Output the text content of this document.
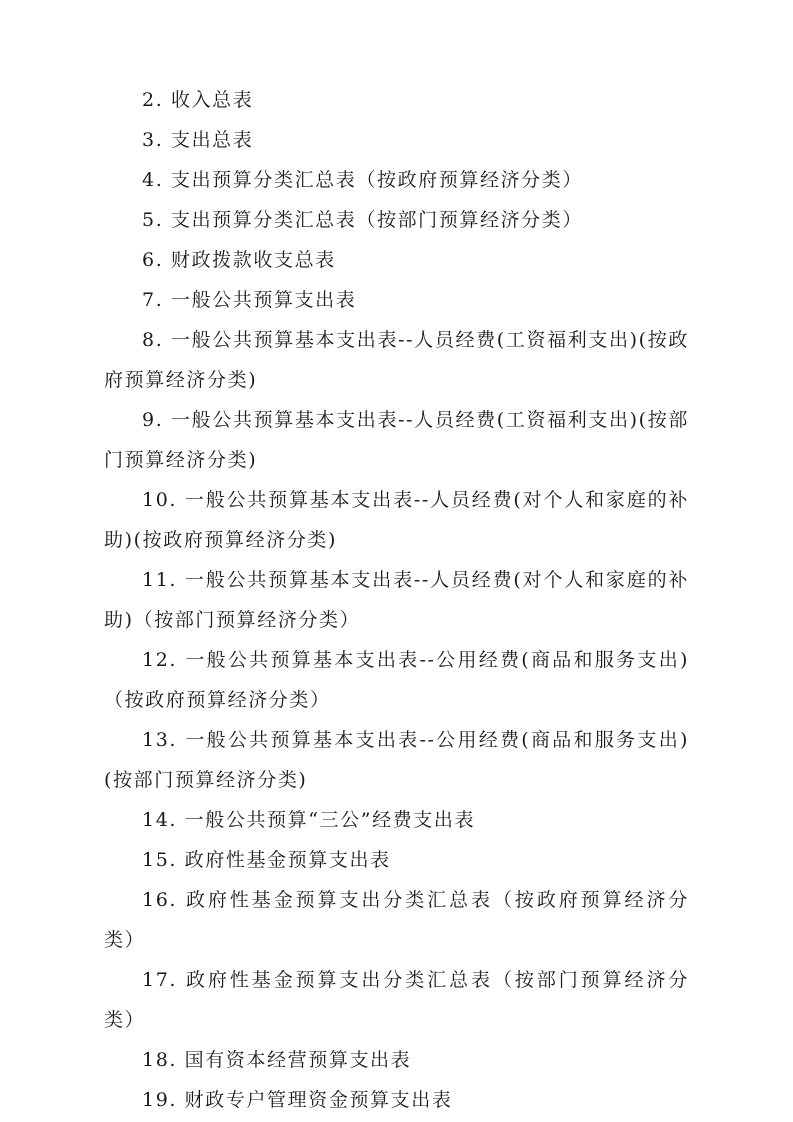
2. 收入总表
3. 支出总表
4. 支出预算分类汇总表（按政府预算经济分类）
5. 支出预算分类汇总表（按部门预算经济分类）
6. 财政拨款收支总表
7. 一般公共预算支出表
8. 一般公共预算基本支出表--人员经费(工资福利支出)(按政府预算经济分类)
9. 一般公共预算基本支出表--人员经费(工资福利支出)(按部门预算经济分类)
10. 一般公共预算基本支出表--人员经费(对个人和家庭的补助)(按政府预算经济分类)
11. 一般公共预算基本支出表--人员经费(对个人和家庭的补助)（按部门预算经济分类）
12. 一般公共预算基本支出表--公用经费(商品和服务支出)（按政府预算经济分类）
13. 一般公共预算基本支出表--公用经费(商品和服务支出)(按部门预算经济分类)
14. 一般公共预算“三公”经费支出表
15. 政府性基金预算支出表
16. 政府性基金预算支出分类汇总表（按政府预算经济分类）
17. 政府性基金预算支出分类汇总表（按部门预算经济分类）
18. 国有资本经营预算支出表
19. 财政专户管理资金预算支出表
